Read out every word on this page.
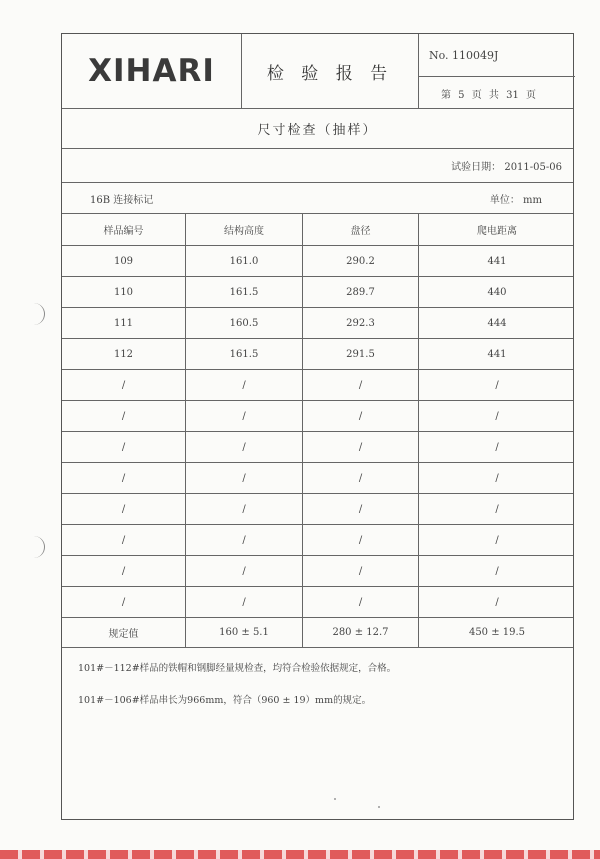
XIHARI	检 验 报 告
No. 110049J
第 5 页 共 31 页
尺寸检查（抽样）
试验日期： 2011-05-06
16B 连接标记	单位： mm
样品编号	结构高度	盘径	爬电距离
109	161.0	290.2	441
110	161.5	289.7	440
111	160.5	292.3	444
112	161.5	291.5	441
/	/	/	/
/	/	/	/
/	/	/	/
/	/	/	/
/	/	/	/
/	/	/	/
/	/	/	/
/	/	/	/
规定值	160 ± 5.1	280 ± 12.7	450 ± 19.5
101#－112#样品的铁帽和钢脚经量规检查，均符合检验依据规定，合格。
101#－106#样品串长为966mm，符合（960 ± 19）mm的规定。
